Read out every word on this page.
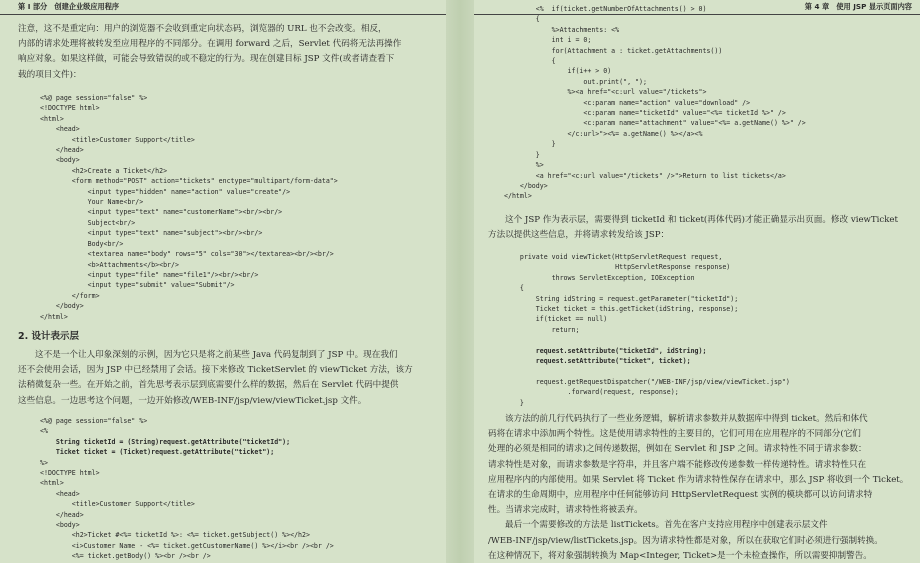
第 I 部分　创建企业级应用程序
注意，这不是重定向：用户的浏览器不会收到重定向状态码，浏览器的 URL 也不会改变。相反，
内部的请求处理将被转发至应用程序的不同部分。在调用 forward 之后，Servlet 代码将无法再操作
响应对象。如果这样做，可能会导致错误的或不稳定的行为。现在创建目标 JSP 文件(或者请查看下
载的项目文件)：
<%@ page session="false" %>
<!DOCTYPE html>
<html>
<head>
<title>Customer Support</title>
</head>
<body>
<h2>Create a Ticket</h2>
<form method="POST" action="tickets" enctype="multipart/form-data">
<input type="hidden" name="action" value="create"/>
Your Name<br/>
<input type="text" name="customerName"><br/><br/>
Subject<br/>
<input type="text" name="subject"><br/><br/>
Body<br/>
<textarea name="body" rows="5" cols="30"></textarea><br/><br/>
<b>Attachments</b><br/>
<input type="file" name="file1"/><br/><br/>
<input type="submit" value="Submit"/>
</form>
</body>
</html>
2. 设计表示层
这不是一个让人印象深刻的示例，因为它只是将之前某些 Java 代码复制到了 JSP 中。现在我们
还不会使用会话，因为 JSP 中已经禁用了会话。接下来修改 TicketServlet 的 viewTicket 方法，该方
法稍微复杂一些。在开始之前，首先思考表示层到底需要什么样的数据，然后在 Servlet 代码中提供
这些信息。一边思考这个问题，一边开始修改/WEB-INF/jsp/view/viewTicket.jsp 文件。
<%@ page session="false" %>
<%
String ticketId = (String)request.getAttribute("ticketId");
Ticket ticket = (Ticket)request.getAttribute("ticket");
%>
<!DOCTYPE html>
<html>
<head>
<title>Customer Support</title>
</head>
<body>
<h2>Ticket #<%= ticketId %>: <%= ticket.getSubject() %></h2>
<i>Customer Name - <%= ticket.getCustomerName() %></i><br /><br />
<%= ticket.getBody() %><br /><br />
第 4 章　使用 JSP 显示页面内容
<%  if(ticket.getNumberOfAttachments() > 0)
{
%>Attachments: <%
int i = 0;
for(Attachment a : ticket.getAttachments())
{
if(i++ > 0)
out.print(", ");
%><a href="<c:url value="/tickets">
<c:param name="action" value="download" />
<c:param name="ticketId" value="<%= ticketId %>" />
<c:param name="attachment" value="<%= a.getName() %>" />
</c:url>"><%= a.getName() %></a><%
}
}
%>
<a href="<c:url value="/tickets" />">Return to list tickets</a>
</body>
</html>
这个 JSP 作为表示层，需要得到 ticketId 和 ticket(再体代码)才能正确显示出页面。修改 viewTicket
方法以提供这些信息，并将请求转发给该 JSP：
private void viewTicket(HttpServletRequest request,
HttpServletResponse response)
throws ServletException, IOException
{
String idString = request.getParameter("ticketId");
Ticket ticket = this.getTicket(idString, response);
if(ticket == null)
return;

request.setAttribute("ticketId", idString);
request.setAttribute("ticket", ticket);

request.getRequestDispatcher("/WEB-INF/jsp/view/viewTicket.jsp")
.forward(request, response);
}
该方法的前几行代码执行了一些业务逻辑，解析请求参数并从数据库中得到 ticket。然后和体代
码将在请求中添加两个特性。这是使用请求特性的主要目的，它们可用在应用程序的不同部分(它们
处理的必须是相同的请求)之间传递数据，例如在 Servlet 和 JSP 之间。请求特性不同于请求参数：
请求特性是对象，而请求参数是字符串，并且客户端不能修改传递参数一样传递特性。请求特性只在
应用程序内的内部使用。如果 Servlet 将 Ticket 作为请求特性保存在请求中，那么 JSP 将收到一个 Ticket。
在请求的生命周期中，应用程序中任何能够访问 HttpServletRequest 实例的模块都可以访问请求特
性。当请求完成时，请求特性将被丢弃。
最后一个需要修改的方法是 listTickets。首先在客户支持应用程序中创建表示层文件
/WEB-INF/jsp/view/listTickets.jsp。因为请求特性都是对象，所以在获取它们时必须进行强制转换。
在这种情况下，将对象强制转换为 Map<Integer, Ticket>是一个未检查操作，所以需要抑制警告。
